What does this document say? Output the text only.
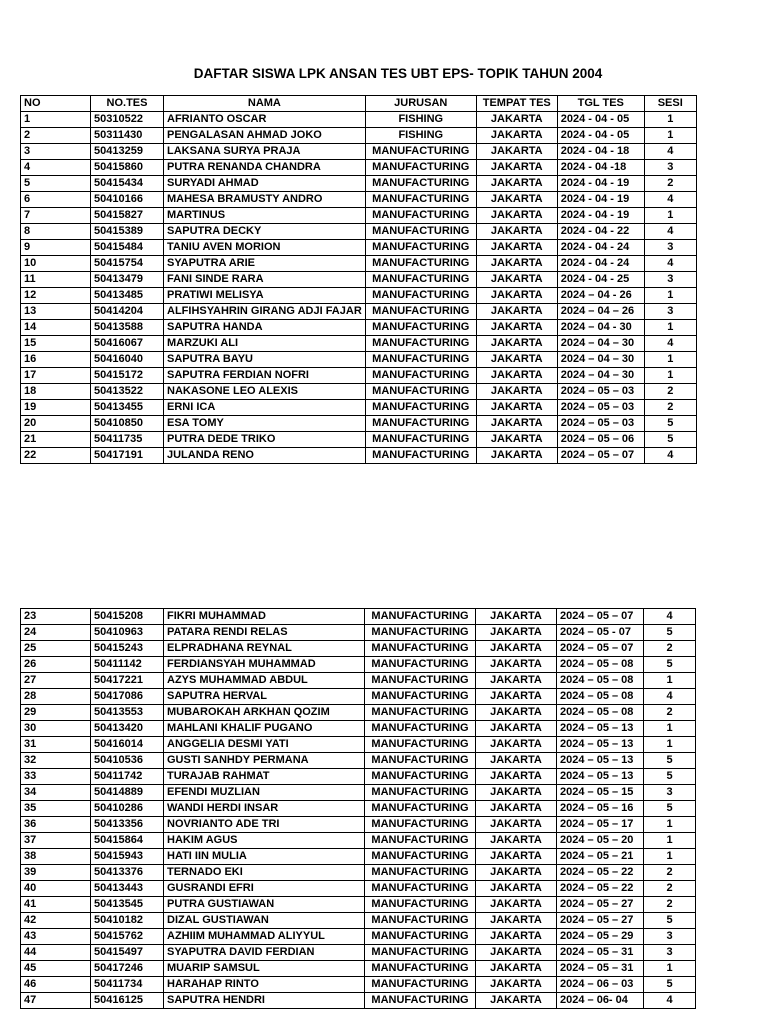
DAFTAR SISWA LPK ANSAN TES UBT EPS- TOPIK TAHUN 2004
NO	NO.TES	NAMA	JURUSAN	TEMPAT TES	TGL TES	SESI
1	50310522	AFRIANTO OSCAR	FISHING	JAKARTA	2024 - 04 - 05	1
2	50311430	PENGALASAN AHMAD JOKO	FISHING	JAKARTA	2024 - 04 - 05	1
3	50413259	LAKSANA SURYA PRAJA	MANUFACTURING	JAKARTA	2024 - 04 - 18	4
4	50415860	PUTRA RENANDA CHANDRA	MANUFACTURING	JAKARTA	2024 - 04 -18	3
5	50415434	SURYADI AHMAD	MANUFACTURING	JAKARTA	2024 - 04 - 19	2
6	50410166	MAHESA BRAMUSTY ANDRO	MANUFACTURING	JAKARTA	2024 - 04 - 19	4
7	50415827	MARTINUS	MANUFACTURING	JAKARTA	2024 - 04 - 19	1
8	50415389	SAPUTRA DECKY	MANUFACTURING	JAKARTA	2024 - 04 - 22	4
9	50415484	TANIU AVEN MORION	MANUFACTURING	JAKARTA	2024 - 04 - 24	3
10	50415754	SYAPUTRA ARIE	MANUFACTURING	JAKARTA	2024 - 04 - 24	4
11	50413479	FANI SINDE RARA	MANUFACTURING	JAKARTA	2024 - 04 - 25	3
12	50413485	PRATIWI MELISYA	MANUFACTURING	JAKARTA	2024 – 04 - 26	1
13	50414204	ALFIHSYAHRIN GIRANG ADJI FAJAR	MANUFACTURING	JAKARTA	2024 – 04 – 26	3
14	50413588	SAPUTRA HANDA	MANUFACTURING	JAKARTA	2024 – 04 - 30	1
15	50416067	MARZUKI ALI	MANUFACTURING	JAKARTA	2024 – 04 – 30	4
16	50416040	SAPUTRA BAYU	MANUFACTURING	JAKARTA	2024 – 04 – 30	1
17	50415172	SAPUTRA FERDIAN NOFRI	MANUFACTURING	JAKARTA	2024 – 04 – 30	1
18	50413522	NAKASONE LEO ALEXIS	MANUFACTURING	JAKARTA	2024 – 05 – 03	2
19	50413455	ERNI ICA	MANUFACTURING	JAKARTA	2024 – 05 – 03	2
20	50410850	ESA TOMY	MANUFACTURING	JAKARTA	2024 – 05 – 03	5
21	50411735	PUTRA DEDE TRIKO	MANUFACTURING	JAKARTA	2024 – 05 – 06	5
22	50417191	JULANDA RENO	MANUFACTURING	JAKARTA	2024 – 05 – 07	4
23	50415208	FIKRI MUHAMMAD	MANUFACTURING	JAKARTA	2024 – 05 – 07	4
24	50410963	PATARA RENDI RELAS	MANUFACTURING	JAKARTA	2024 – 05 - 07	5
25	50415243	ELPRADHANA REYNAL	MANUFACTURING	JAKARTA	2024 – 05 – 07	2
26	50411142	FERDIANSYAH MUHAMMAD	MANUFACTURING	JAKARTA	2024 – 05 – 08	5
27	50417221	AZYS MUHAMMAD ABDUL	MANUFACTURING	JAKARTA	2024 – 05 – 08	1
28	50417086	SAPUTRA HERVAL	MANUFACTURING	JAKARTA	2024 – 05 – 08	4
29	50413553	MUBAROKAH ARKHAN QOZIM	MANUFACTURING	JAKARTA	2024 – 05 – 08	2
30	50413420	MAHLANI KHALIF PUGANO	MANUFACTURING	JAKARTA	2024 – 05 – 13	1
31	50416014	ANGGELIA DESMI YATI	MANUFACTURING	JAKARTA	2024 – 05 – 13	1
32	50410536	GUSTI SANHDY PERMANA	MANUFACTURING	JAKARTA	2024 – 05 – 13	5
33	50411742	TURAJAB RAHMAT	MANUFACTURING	JAKARTA	2024 – 05 – 13	5
34	50414889	EFENDI MUZLIAN	MANUFACTURING	JAKARTA	2024 – 05 – 15	3
35	50410286	WANDI HERDI INSAR	MANUFACTURING	JAKARTA	2024 – 05 – 16	5
36	50413356	NOVRIANTO ADE TRI	MANUFACTURING	JAKARTA	2024 – 05 – 17	1
37	50415864	HAKIM AGUS	MANUFACTURING	JAKARTA	2024 – 05 – 20	1
38	50415943	HATI IIN MULIA	MANUFACTURING	JAKARTA	2024 – 05 – 21	1
39	50413376	TERNADO EKI	MANUFACTURING	JAKARTA	2024 – 05 – 22	2
40	50413443	GUSRANDI EFRI	MANUFACTURING	JAKARTA	2024 – 05 – 22	2
41	50413545	PUTRA GUSTIAWAN	MANUFACTURING	JAKARTA	2024 – 05 – 27	2
42	50410182	DIZAL GUSTIAWAN	MANUFACTURING	JAKARTA	2024 – 05 – 27	5
43	50415762	AZHIIM MUHAMMAD ALIYYUL	MANUFACTURING	JAKARTA	2024 – 05 – 29	3
44	50415497	SYAPUTRA DAVID FERDIAN	MANUFACTURING	JAKARTA	2024 – 05 – 31	3
45	50417246	MUARIP SAMSUL	MANUFACTURING	JAKARTA	2024 – 05 – 31	1
46	50411734	HARAHAP RINTO	MANUFACTURING	JAKARTA	2024 – 06 – 03	5
47	50416125	SAPUTRA HENDRI	MANUFACTURING	JAKARTA	2024 – 06- 04	4
